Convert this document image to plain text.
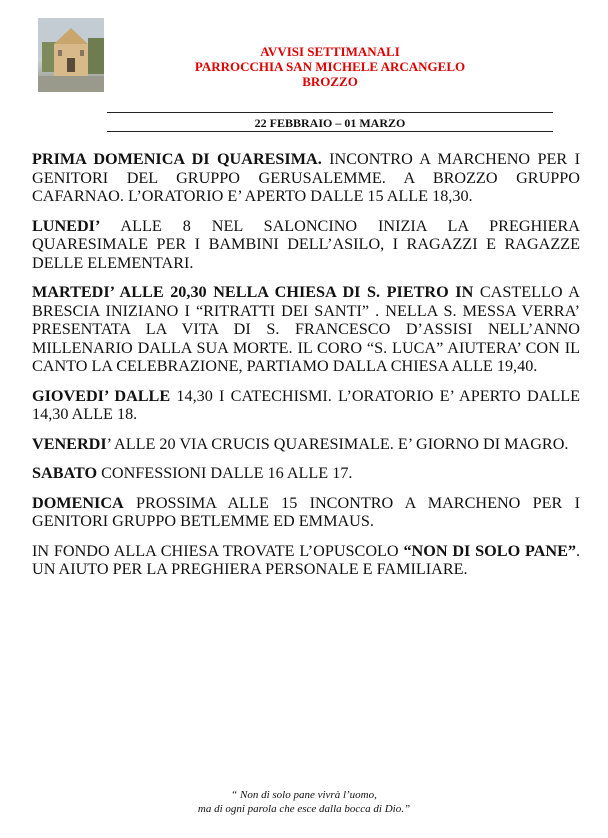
AVVISI SETTIMANALI
PARROCCHIA SAN MICHELE ARCANGELO
BROZZO
22 FEBBRAIO – 01 MARZO

PRIMA DOMENICA DI QUARESIMA. INCONTRO A MARCHENO PER I GENITORI DEL GRUPPO GERUSALEMME. A BROZZO GRUPPO CAFARNAO. L’ORATORIO E’ APERTO DALLE 15 ALLE 18,30.

LUNEDI’ ALLE 8 NEL SALONCINO INIZIA LA PREGHIERA QUARESIMALE PER I BAMBINI DELL’ASILO, I RAGAZZI E RAGAZZE DELLE ELEMENTARI.

MARTEDI’ ALLE 20,30 NELLA CHIESA DI S. PIETRO IN CASTELLO A BRESCIA INIZIANO I “RITRATTI DEI SANTI” . NELLA S. MESSA VERRA’ PRESENTATA LA VITA DI S. FRANCESCO D’ASSISI NELL’ANNO MILLENARIO DALLA SUA MORTE. IL CORO “S. LUCA” AIUTERA’ CON IL CANTO LA CELEBRAZIONE, PARTIAMO DALLA CHIESA ALLE 19,40.

GIOVEDI’ DALLE 14,30 I CATECHISMI. L’ORATORIO E’ APERTO DALLE 14,30 ALLE 18.

VENERDI’ ALLE 20 VIA CRUCIS QUARESIMALE. E’ GIORNO DI MAGRO.

SABATO CONFESSIONI DALLE 16 ALLE 17.

DOMENICA PROSSIMA ALLE 15 INCONTRO A MARCHENO PER I GENITORI GRUPPO BETLEMME ED EMMAUS.

IN FONDO ALLA CHIESA TROVATE L’OPUSCOLO “NON DI SOLO PANE”. UN AIUTO PER LA PREGHIERA PERSONALE E FAMILIARE.

“ Non di solo pane vivrà l’uomo,
ma di ogni parola che esce dalla bocca di Dio.”
